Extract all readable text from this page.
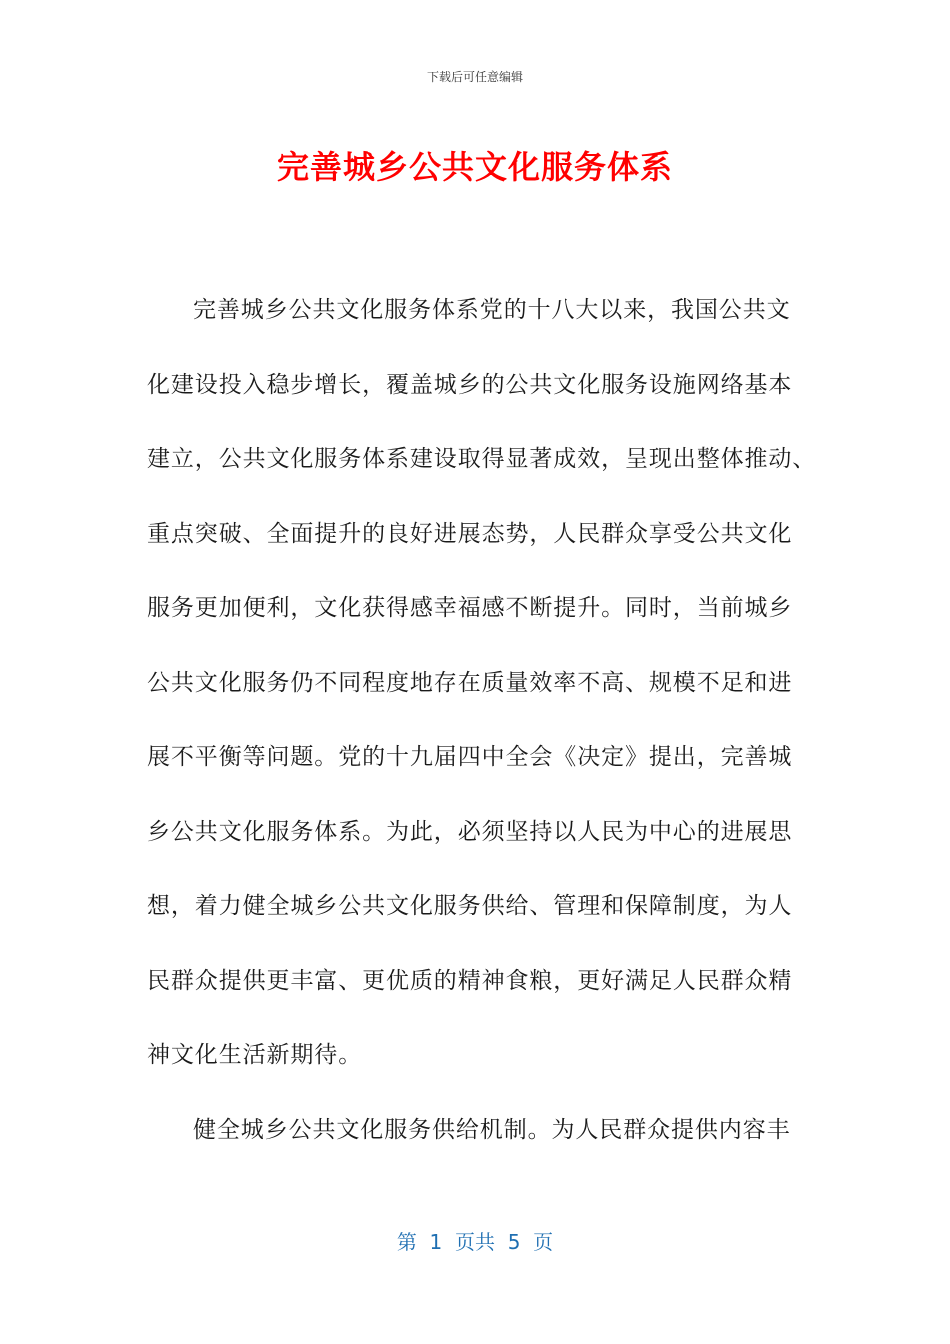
下载后可任意编辑
完善城乡公共文化服务体系
完善城乡公共文化服务体系党的十八大以来，我国公共文
化建设投入稳步增长，覆盖城乡的公共文化服务设施网络基本
建立，公共文化服务体系建设取得显著成效，呈现出整体推动、
重点突破、全面提升的良好进展态势，人民群众享受公共文化
服务更加便利，文化获得感幸福感不断提升。同时，当前城乡
公共文化服务仍不同程度地存在质量效率不高、规模不足和进
展不平衡等问题。党的十九届四中全会《决定》提出，完善城
乡公共文化服务体系。为此，必须坚持以人民为中心的进展思
想，着力健全城乡公共文化服务供给、管理和保障制度，为人
民群众提供更丰富、更优质的精神食粮，更好满足人民群众精
神文化生活新期待。
健全城乡公共文化服务供给机制。为人民群众提供内容丰
第  1  页共  5  页
